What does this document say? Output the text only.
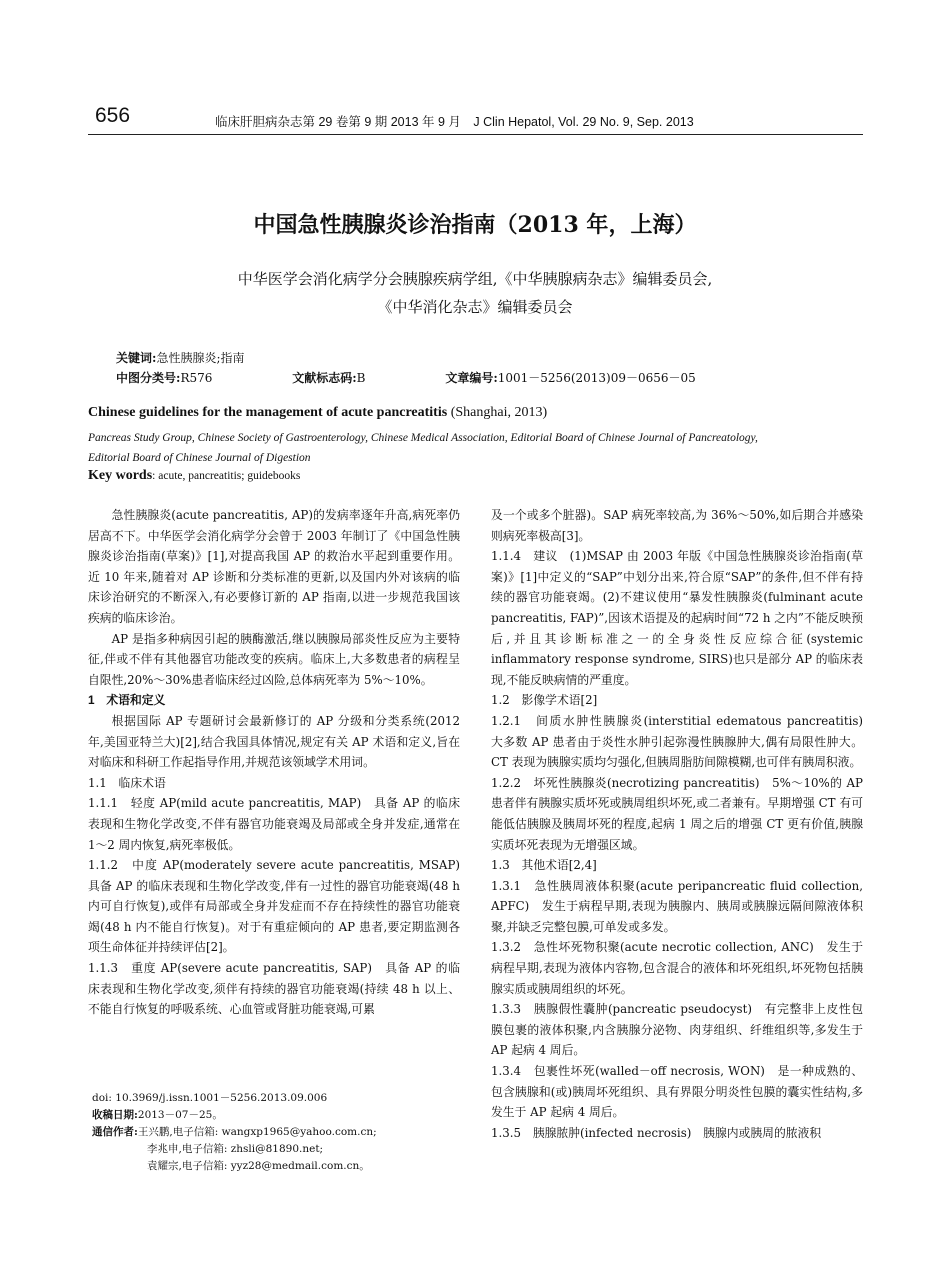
656	临床肝胆病杂志第 29 卷第 9 期 2013 年 9 月　J Clin Hepatol, Vol. 29 No. 9, Sep. 2013
中国急性胰腺炎诊治指南（2013 年，上海）
中华医学会消化病学分会胰腺疾病学组,《中华胰腺病杂志》编辑委员会,
《中华消化杂志》编辑委员会
关键词:急性胰腺炎;指南
中图分类号:R576	文献标志码:B	文章编号:1001－5256(2013)09－0656－05
Chinese guidelines for the management of acute pancreatitis (Shanghai, 2013)
Pancreas Study Group, Chinese Society of Gastroenterology, Chinese Medical Association, Editorial Board of Chinese Journal of Pancreatology,
Editorial Board of Chinese Journal of Digestion
Key words: acute, pancreatitis; guidebooks

急性胰腺炎(acute pancreatitis, AP)的发病率逐年升高,病死率仍居高不下。中华医学会消化病学分会曾于 2003 年制订了《中国急性胰腺炎诊治指南(草案)》[1],对提高我国 AP 的救治水平起到重要作用。近 10 年来,随着对 AP 诊断和分类标准的更新,以及国内外对该病的临床诊治研究的不断深入,有必要修订新的 AP 指南,以进一步规范我国该疾病的临床诊治。

AP 是指多种病因引起的胰酶激活,继以胰腺局部炎性反应为主要特征,伴或不伴有其他器官功能改变的疾病。临床上,大多数患者的病程呈自限性,20%～30%患者临床经过凶险,总体病死率为 5%～10%。

1　术语和定义

根据国际 AP 专题研讨会最新修订的 AP 分级和分类系统(2012 年,美国亚特兰大)[2],结合我国具体情况,规定有关 AP 术语和定义,旨在对临床和科研工作起指导作用,并规范该领域学术用词。

1.1　临床术语

1.1.1　轻度 AP(mild acute pancreatitis, MAP)　具备 AP 的临床表现和生物化学改变,不伴有器官功能衰竭及局部或全身并发症,通常在 1～2 周内恢复,病死率极低。

1.1.2　中度 AP(moderately severe acute pancreatitis, MSAP)　具备 AP 的临床表现和生物化学改变,伴有一过性的器官功能衰竭(48 h 内可自行恢复),或伴有局部或全身并发症而不存在持续性的器官功能衰竭(48 h 内不能自行恢复)。对于有重症倾向的 AP 患者,要定期监测各项生命体征并持续评估[2]。

1.1.3　重度 AP(severe acute pancreatitis, SAP)　具备 AP 的临床表现和生物化学改变,须伴有持续的器官功能衰竭(持续 48 h 以上、不能自行恢复的呼吸系统、心血管或肾脏功能衰竭,可累

及一个或多个脏器)。SAP 病死率较高,为 36%～50%,如后期合并感染则病死率极高[3]。

1.1.4　建议　(1)MSAP 由 2003 年版《中国急性胰腺炎诊治指南(草案)》[1]中定义的“SAP”中划分出来,符合原“SAP”的条件,但不伴有持续的器官功能衰竭。(2)不建议使用“暴发性胰腺炎(fulminant acute pancreatitis, FAP)”,因该术语提及的起病时间“72 h 之内”不能反映预后,并且其诊断标准之一的全身炎性反应综合征(systemic inflammatory response syndrome, SIRS)也只是部分 AP 的临床表现,不能反映病情的严重度。

1.2　影像学术语[2]

1.2.1　间质水肿性胰腺炎(interstitial edematous pancreatitis)　大多数 AP 患者由于炎性水肿引起弥漫性胰腺肿大,偶有局限性肿大。CT 表现为胰腺实质均匀强化,但胰周脂肪间隙模糊,也可伴有胰周积液。

1.2.2　坏死性胰腺炎(necrotizing pancreatitis)　5%～10%的 AP 患者伴有胰腺实质坏死或胰周组织坏死,或二者兼有。早期增强 CT 有可能低估胰腺及胰周坏死的程度,起病 1 周之后的增强 CT 更有价值,胰腺实质坏死表现为无增强区域。

1.3　其他术语[2,4]

1.3.1　急性胰周液体积聚(acute peripancreatic fluid collection, APFC)　发生于病程早期,表现为胰腺内、胰周或胰腺远隔间隙液体积聚,并缺乏完整包膜,可单发或多发。

1.3.2　急性坏死物积聚(acute necrotic collection, ANC)　发生于病程早期,表现为液体内容物,包含混合的液体和坏死组织,坏死物包括胰腺实质或胰周组织的坏死。

1.3.3　胰腺假性囊肿(pancreatic pseudocyst)　有完整非上皮性包膜包裹的液体积聚,内含胰腺分泌物、肉芽组织、纤维组织等,多发生于 AP 起病 4 周后。

1.3.4　包裹性坏死(walled－off necrosis, WON)　是一种成熟的、包含胰腺和(或)胰周坏死组织、具有界限分明炎性包膜的囊实性结构,多发生于 AP 起病 4 周后。

1.3.5　胰腺脓肿(infected necrosis)　胰腺内或胰周的脓液积

doi: 10.3969/j.issn.1001－5256.2013.09.006
收稿日期:2013－07－25。
通信作者:王兴鹏,电子信箱: wangxp1965@yahoo.com.cn;
李兆申,电子信箱: zhsli@81890.net;
袁耀宗,电子信箱: yyz28@medmail.com.cn。
